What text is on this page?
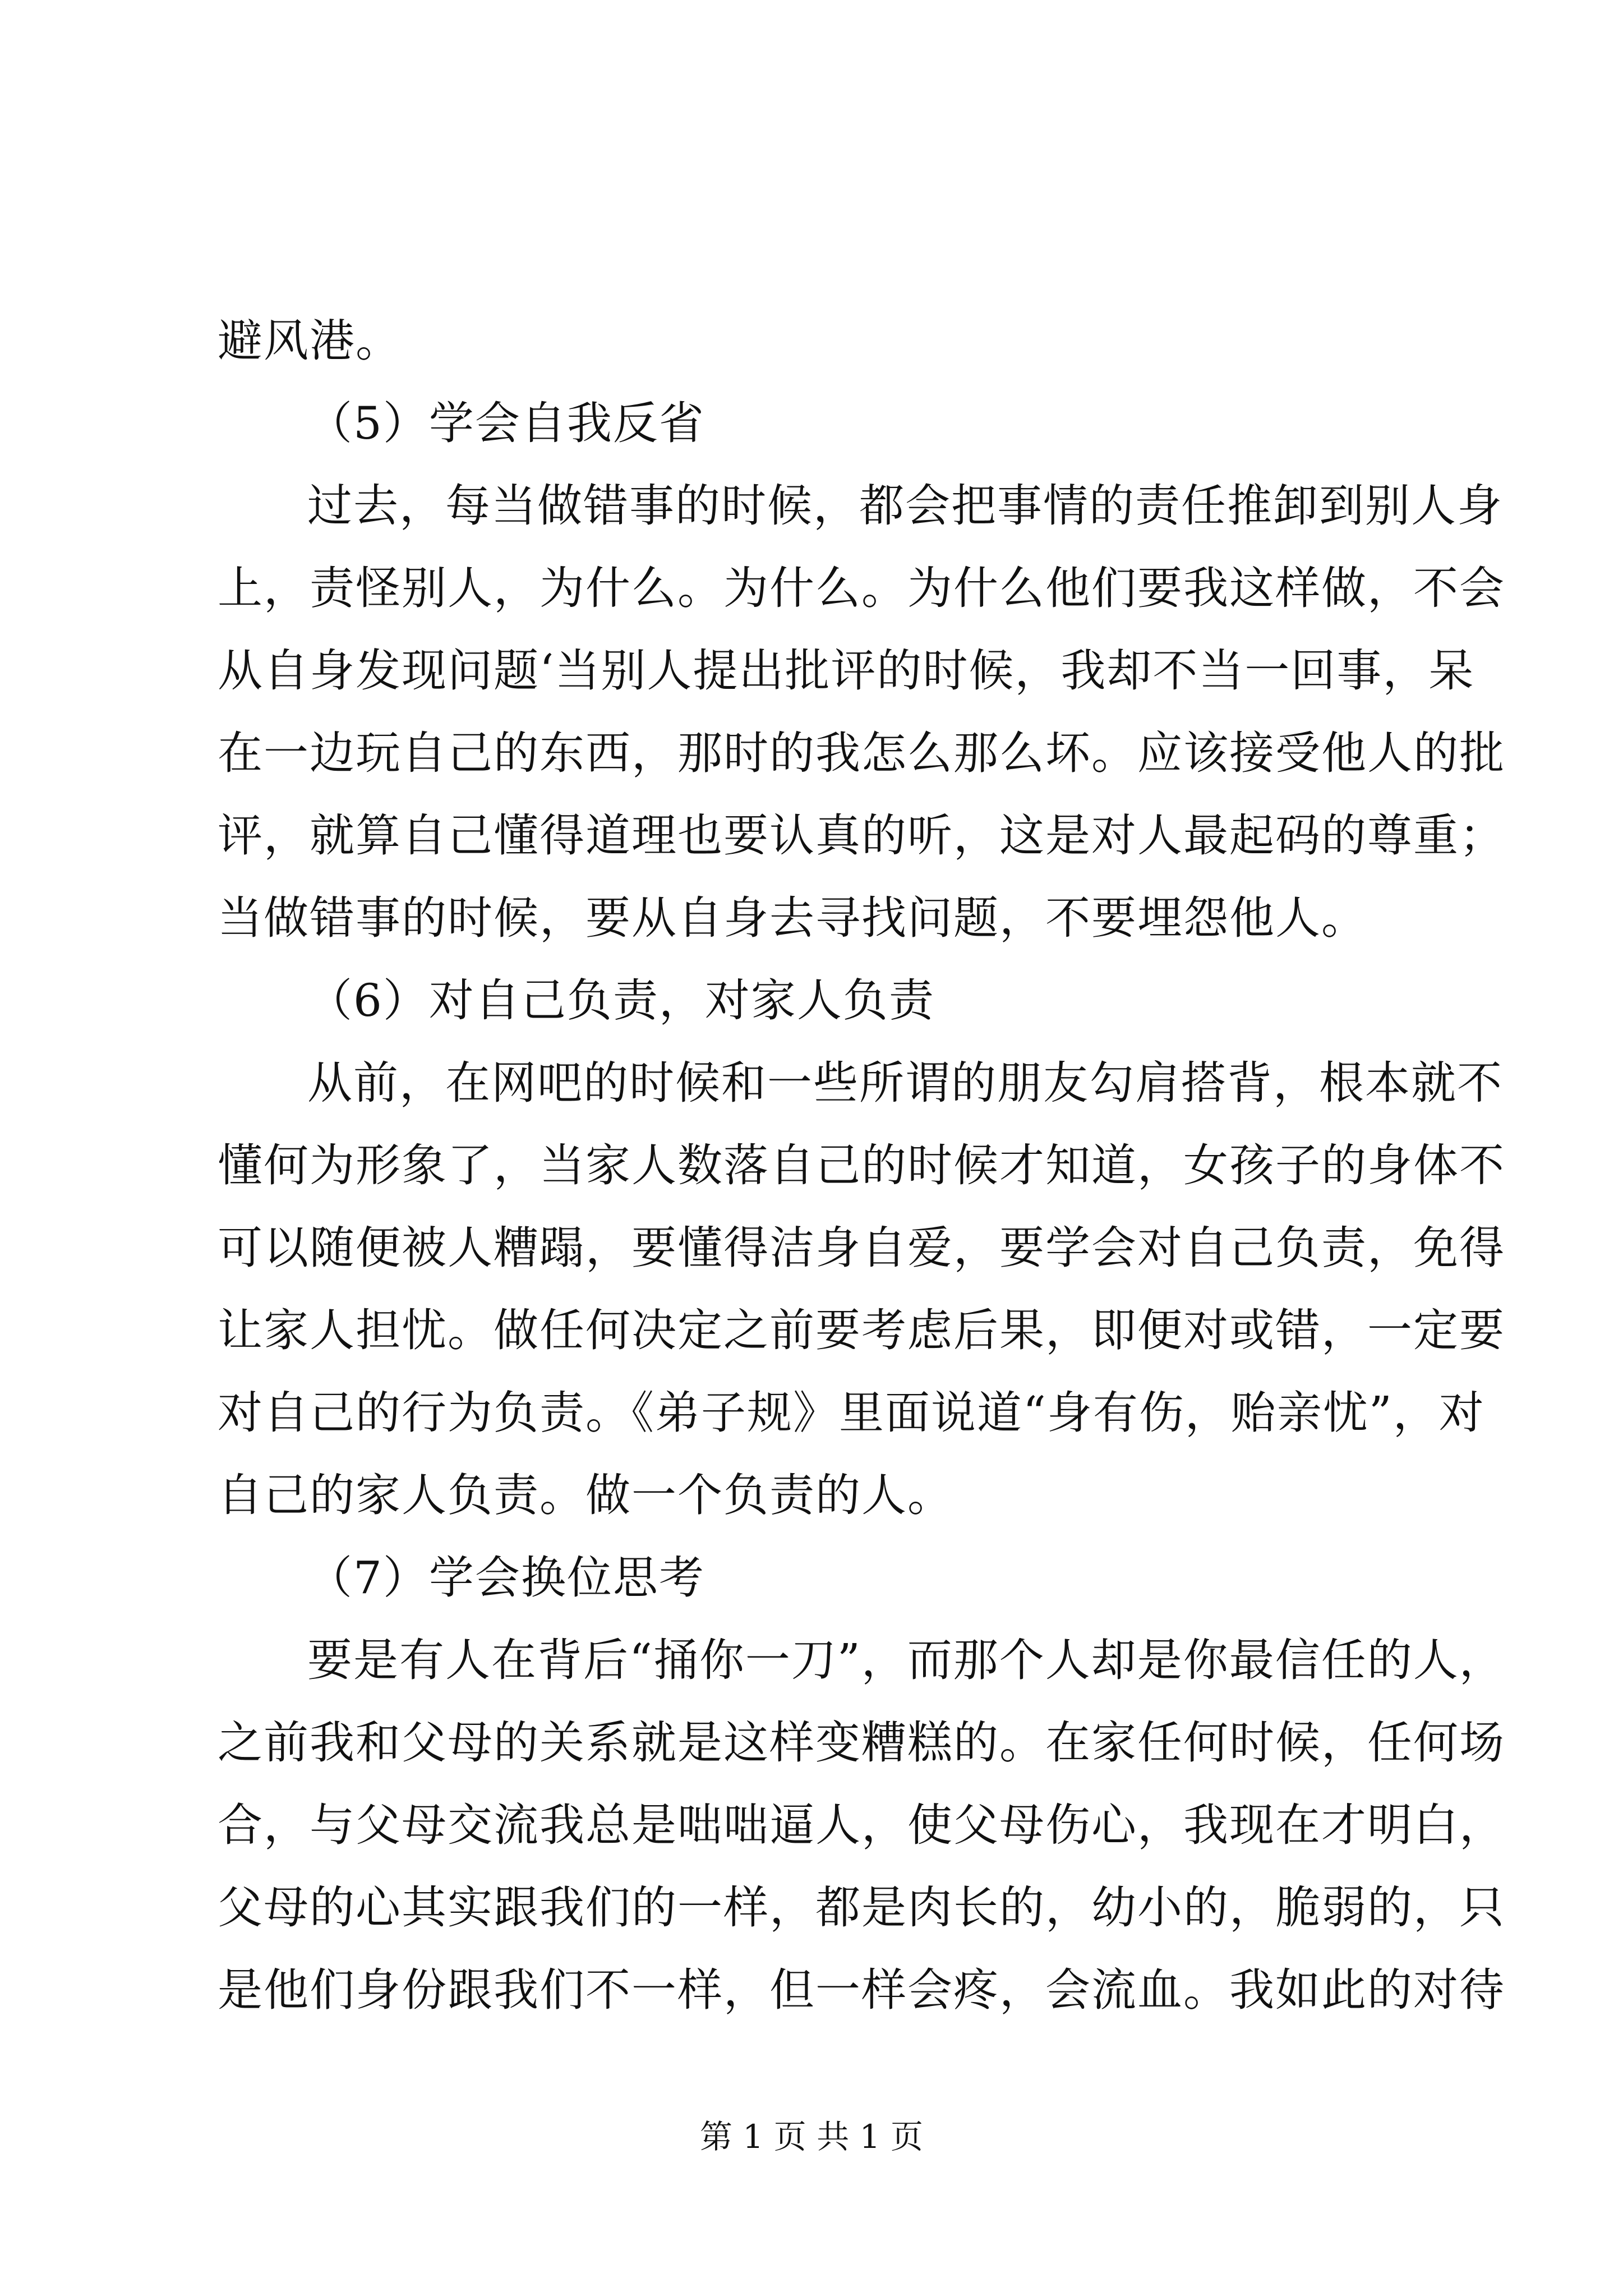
避风港。
（5）学会自我反省
过去，每当做错事的时候，都会把事情的责任推卸到别人身
上，责怪别人，为什么。为什么。为什么他们要我这样做，不会
从自身发现问题‘当别人提出批评的时候，我却不当一回事，呆
在一边玩自己的东西，那时的我怎么那么坏。应该接受他人的批
评，就算自己懂得道理也要认真的听，这是对人最起码的尊重；
当做错事的时候，要从自身去寻找问题，不要埋怨他人。
（6）对自己负责，对家人负责
从前，在网吧的时候和一些所谓的朋友勾肩搭背，根本就不
懂何为形象了，当家人数落自己的时候才知道，女孩子的身体不
可以随便被人糟蹋，要懂得洁身自爱，要学会对自己负责，免得
让家人担忧。做任何决定之前要考虑后果，即便对或错，一定要
对自己的行为负责。《弟子规》里面说道“身有伤，贻亲忧”，对
自己的家人负责。做一个负责的人。
（7）学会换位思考
要是有人在背后“捅你一刀”，而那个人却是你最信任的人，
之前我和父母的关系就是这样变糟糕的。在家任何时候，任何场
合，与父母交流我总是咄咄逼人，使父母伤心，我现在才明白，
父母的心其实跟我们的一样，都是肉长的，幼小的，脆弱的，只
是他们身份跟我们不一样，但一样会疼，会流血。我如此的对待
第 1 页 共 1 页
